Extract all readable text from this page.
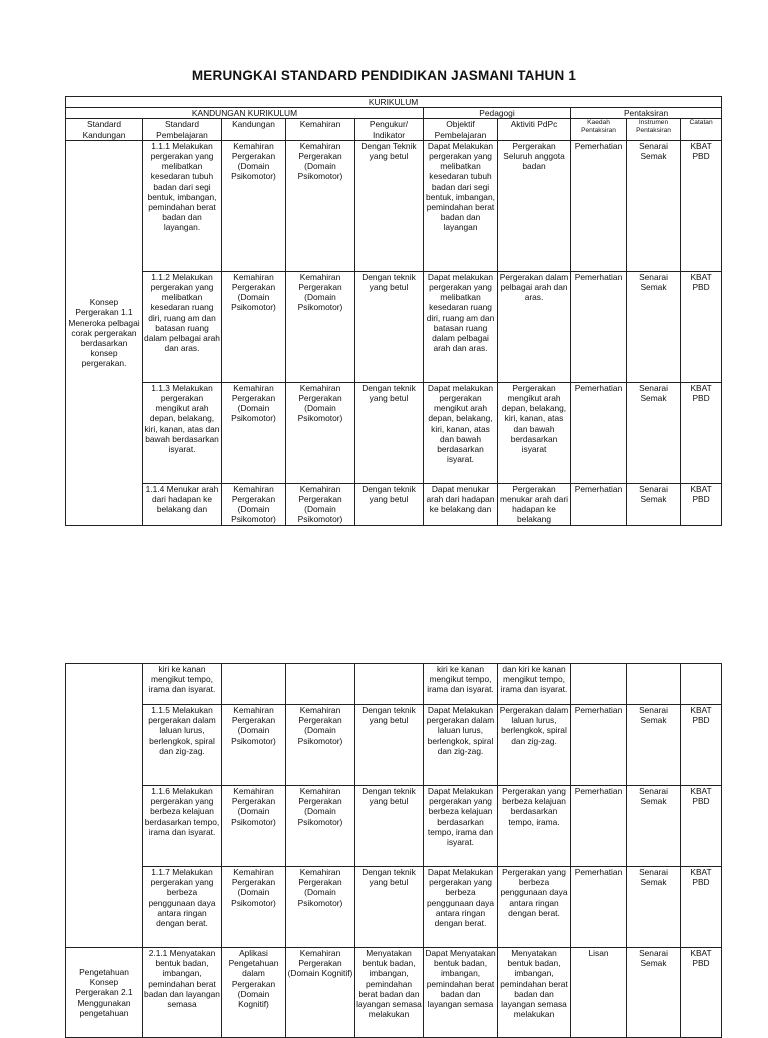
MERUNGKAI STANDARD PENDIDIKAN JASMANI TAHUN 1
KURIKULUM									
KANDUNGAN KURIKULUM					Pedagogi		Pentaksiran		
Standard Kandungan	Standard Pembelajaran	Kandungan	Kemahiran	Pengukur/ Indikator	Objektif Pembelajaran	Aktiviti PdPc	Kaedah Pentaksiran	Instrumen Pentaksiran	Catatan
Konsep Pergerakan 1.1 Meneroka pelbagai corak pergerakan berdasarkan konsep pergerakan.	1.1.1 Melakukan pergerakan yang melibatkan kesedaran tubuh badan dari segi bentuk, imbangan, pemindahan berat badan dan layangan.	Kemahiran Pergerakan (Domain Psikomotor)	Kemahiran Pergerakan (Domain Psikomotor)	Dengan Teknik yang betul	Dapat Melakukan pergerakan yang melibatkan kesedaran tubuh badan dari segi bentuk, imbangan, pemindahan berat badan dan layangan	Pergerakan Seluruh anggota badan	Pemerhatian	Senarai Semak	KBAT PBD
	1.1.2 Melakukan pergerakan yang melibatkan kesedaran ruang diri, ruang am dan batasan ruang dalam pelbagai arah dan aras.	Kemahiran Pergerakan (Domain Psikomotor)	Kemahiran Pergerakan (Domain Psikomotor)	Dengan teknik yang betul	Dapat melakukan pergerakan yang melibatkan kesedaran ruang diri, ruang am dan batasan ruang dalam pelbagai arah dan aras.	Pergerakan dalam pelbagai arah dan aras.	Pemerhatian	Senarai Semak	KBAT PBD
	1.1.3 Melakukan pergerakan mengikut arah depan, belakang, kiri, kanan, atas dan bawah berdasarkan isyarat.	Kemahiran Pergerakan (Domain Psikomotor)	Kemahiran Pergerakan (Domain Psikomotor)	Dengan teknik yang betul	Dapat melakukan pergerakan mengikut arah depan, belakang, kiri, kanan, atas dan bawah berdasarkan isyarat.	Pergerakan mengikut arah depan, belakang, kiri, kanan, atas dan bawah berdasarkan isyarat	Pemerhatian	Senarai Semak	KBAT PBD
	1.1.4 Menukar arah dari hadapan ke belakang dan	Kemahiran Pergerakan (Domain Psikomotor)	Kemahiran Pergerakan (Domain Psikomotor)	Dengan teknik yang betul	Dapat menukar arah dari hadapan ke belakang dan	Pergerakan menukar arah dari hadapan ke belakang	Pemerhatian	Senarai Semak	KBAT PBD
	kiri ke kanan mengikut tempo, irama dan isyarat.				kiri ke kanan mengikut tempo, irama dan isyarat.	dan kiri ke kanan mengikut tempo, irama dan isyarat.			
	1.1.5 Melakukan pergerakan dalam laluan lurus, berlengkok, spiral dan zig-zag.	Kemahiran Pergerakan (Domain Psikomotor)	Kemahiran Pergerakan (Domain Psikomotor)	Dengan teknik yang betul	Dapat Melakukan pergerakan dalam laluan lurus, berlengkok, spiral dan zig-zag.	Pergerakan dalam laluan lurus, berlengkok, spiral dan zig-zag.	Pemerhatian	Senarai Semak	KBAT PBD
	1.1.6 Melakukan pergerakan yang berbeza kelajuan berdasarkan tempo, irama dan isyarat.	Kemahiran Pergerakan (Domain Psikomotor)	Kemahiran Pergerakan (Domain Psikomotor)	Dengan teknik yang betul	Dapat Melakukan pergerakan yang berbeza kelajuan berdasarkan tempo, irama dan isyarat.	Pergerakan yang berbeza kelajuan berdasarkan tempo, irama.	Pemerhatian	Senarai Semak	KBAT PBD
	1.1.7 Melakukan pergerakan yang berbeza penggunaan daya antara ringan dengan berat.	Kemahiran Pergerakan (Domain Psikomotor)	Kemahiran Pergerakan (Domain Psikomotor)	Dengan teknik yang betul	Dapat Melakukan pergerakan yang berbeza penggunaan daya antara ringan dengan berat.	Pergerakan yang berbeza penggunaan daya antara ringan dengan berat.	Pemerhatian	Senarai Semak	KBAT PBD
Pengetahuan Konsep Pergerakan 2.1 Menggunakan pengetahuan	2.1.1 Menyatakan bentuk badan, imbangan, pemindahan berat badan dan layangan semasa	Aplikasi Pengetahuan dalam Pergerakan (Domain Kognitif)	Kemahiran Pergerakan (Domain Kognitif)	Menyatakan bentuk badan, imbangan, pemindahan berat badan dan layangan semasa melakukan	Dapat Menyatakan bentuk badan, imbangan, pemindahan berat badan dan layangan semasa	Menyatakan bentuk badan, imbangan, pemindahan berat badan dan layangan semasa melakukan	Lisan	Senarai Semak	KBAT PBD
